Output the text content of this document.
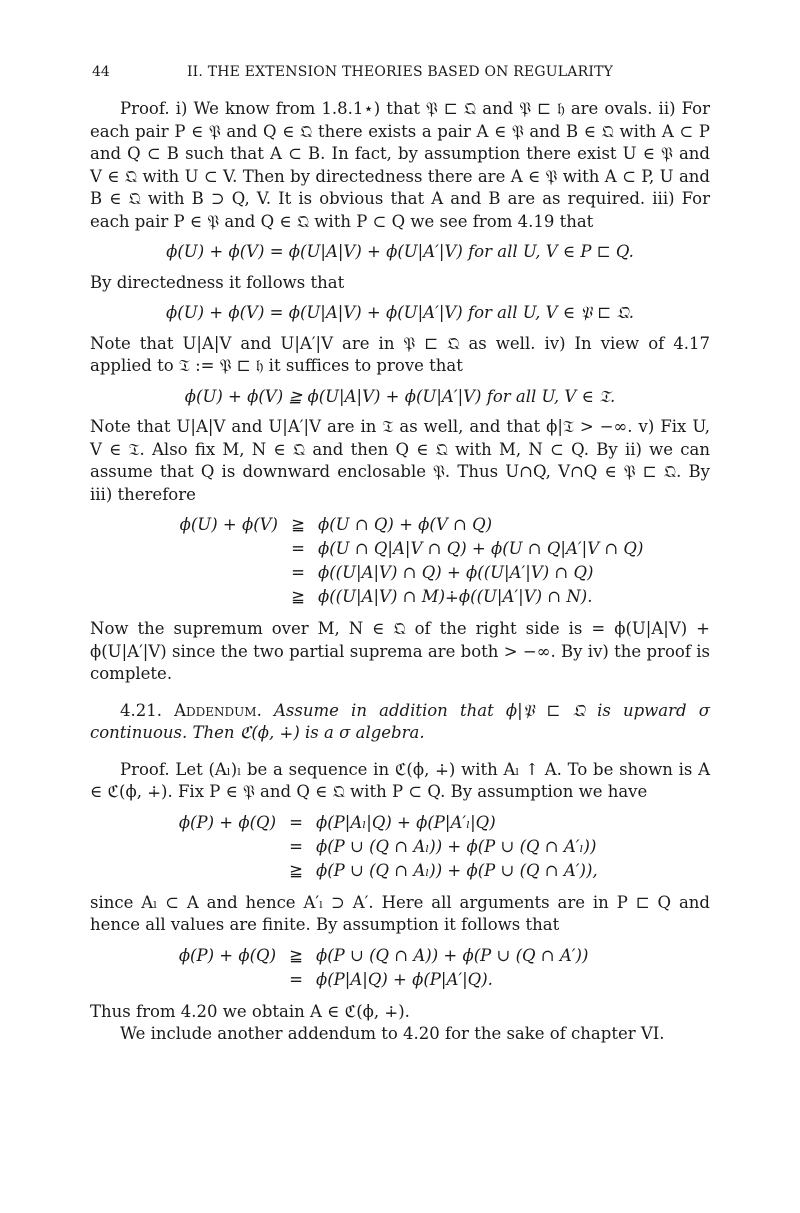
44	II. THE EXTENSION THEORIES BASED ON REGULARITY

Proof. i) We know from 1.8.1⋆) that 𝔓 ⊏ 𝔔 and 𝔓 ⊏ 𝔥 are ovals. ii) For each pair P ∈ 𝔓 and Q ∈ 𝔔 there exists a pair A ∈ 𝔓 and B ∈ 𝔔 with A ⊂ P and Q ⊂ B such that A ⊂ B. In fact, by assumption there exist U ∈ 𝔓 and V ∈ 𝔔 with U ⊂ V. Then by directedness there are A ∈ 𝔓 with A ⊂ P, U and B ∈ 𝔔 with B ⊃ Q, V. It is obvious that A and B are as required. iii) For each pair P ∈ 𝔓 and Q ∈ 𝔔 with P ⊂ Q we see from 4.19 that

ϕ(U) + ϕ(V) = ϕ(U|A|V) + ϕ(U|A′|V) for all U, V ∈ P ⊏ Q.

By directedness it follows that

ϕ(U) + ϕ(V) = ϕ(U|A|V) + ϕ(U|A′|V) for all U, V ∈ 𝔓 ⊏ 𝔔.

Note that U|A|V and U|A′|V are in 𝔓 ⊏ 𝔔 as well. iv) In view of 4.17 applied to 𝔗 := 𝔓 ⊏ 𝔥 it suffices to prove that

ϕ(U) + ϕ(V) ≧ ϕ(U|A|V) + ϕ(U|A′|V) for all U, V ∈ 𝔗.

Note that U|A|V and U|A′|V are in 𝔗 as well, and that ϕ|𝔗 > −∞. v) Fix U, V ∈ 𝔗. Also fix M, N ∈ 𝔔 and then Q ∈ 𝔔 with M, N ⊂ Q. By ii) we can assume that Q is downward enclosable 𝔓. Thus U∩Q, V∩Q ∈ 𝔓 ⊏ 𝔔. By iii) therefore

ϕ(U) + ϕ(V) ≧ ϕ(U ∩ Q) + ϕ(V ∩ Q)
= ϕ(U ∩ Q|A|V ∩ Q) + ϕ(U ∩ Q|A′|V ∩ Q)
= ϕ((U|A|V) ∩ Q) + ϕ((U|A′|V) ∩ Q)
≧ ϕ((U|A|V) ∩ M)∔ϕ((U|A′|V) ∩ N).

Now the supremum over M, N ∈ 𝔔 of the right side is = ϕ(U|A|V) + ϕ(U|A′|V) since the two partial suprema are both > −∞. By iv) the proof is complete.

4.21. Addendum. Assume in addition that ϕ|𝔓 ⊏ 𝔔 is upward σ continuous. Then ℭ(ϕ, ∔) is a σ algebra.

Proof. Let (Aₗ)ₗ be a sequence in ℭ(ϕ, ∔) with Aₗ ↑ A. To be shown is A ∈ ℭ(ϕ, ∔). Fix P ∈ 𝔓 and Q ∈ 𝔔 with P ⊂ Q. By assumption we have

ϕ(P) + ϕ(Q) = ϕ(P|Aₗ|Q) + ϕ(P|A′ₗ|Q)
= ϕ(P ∪ (Q ∩ Aₗ)) + ϕ(P ∪ (Q ∩ A′ₗ))
≧ ϕ(P ∪ (Q ∩ Aₗ)) + ϕ(P ∪ (Q ∩ A′)),

since Aₗ ⊂ A and hence A′ₗ ⊃ A′. Here all arguments are in P ⊏ Q and hence all values are finite. By assumption it follows that

ϕ(P) + ϕ(Q) ≧ ϕ(P ∪ (Q ∩ A)) + ϕ(P ∪ (Q ∩ A′))
= ϕ(P|A|Q) + ϕ(P|A′|Q).

Thus from 4.20 we obtain A ∈ ℭ(ϕ, ∔).

We include another addendum to 4.20 for the sake of chapter VI.
